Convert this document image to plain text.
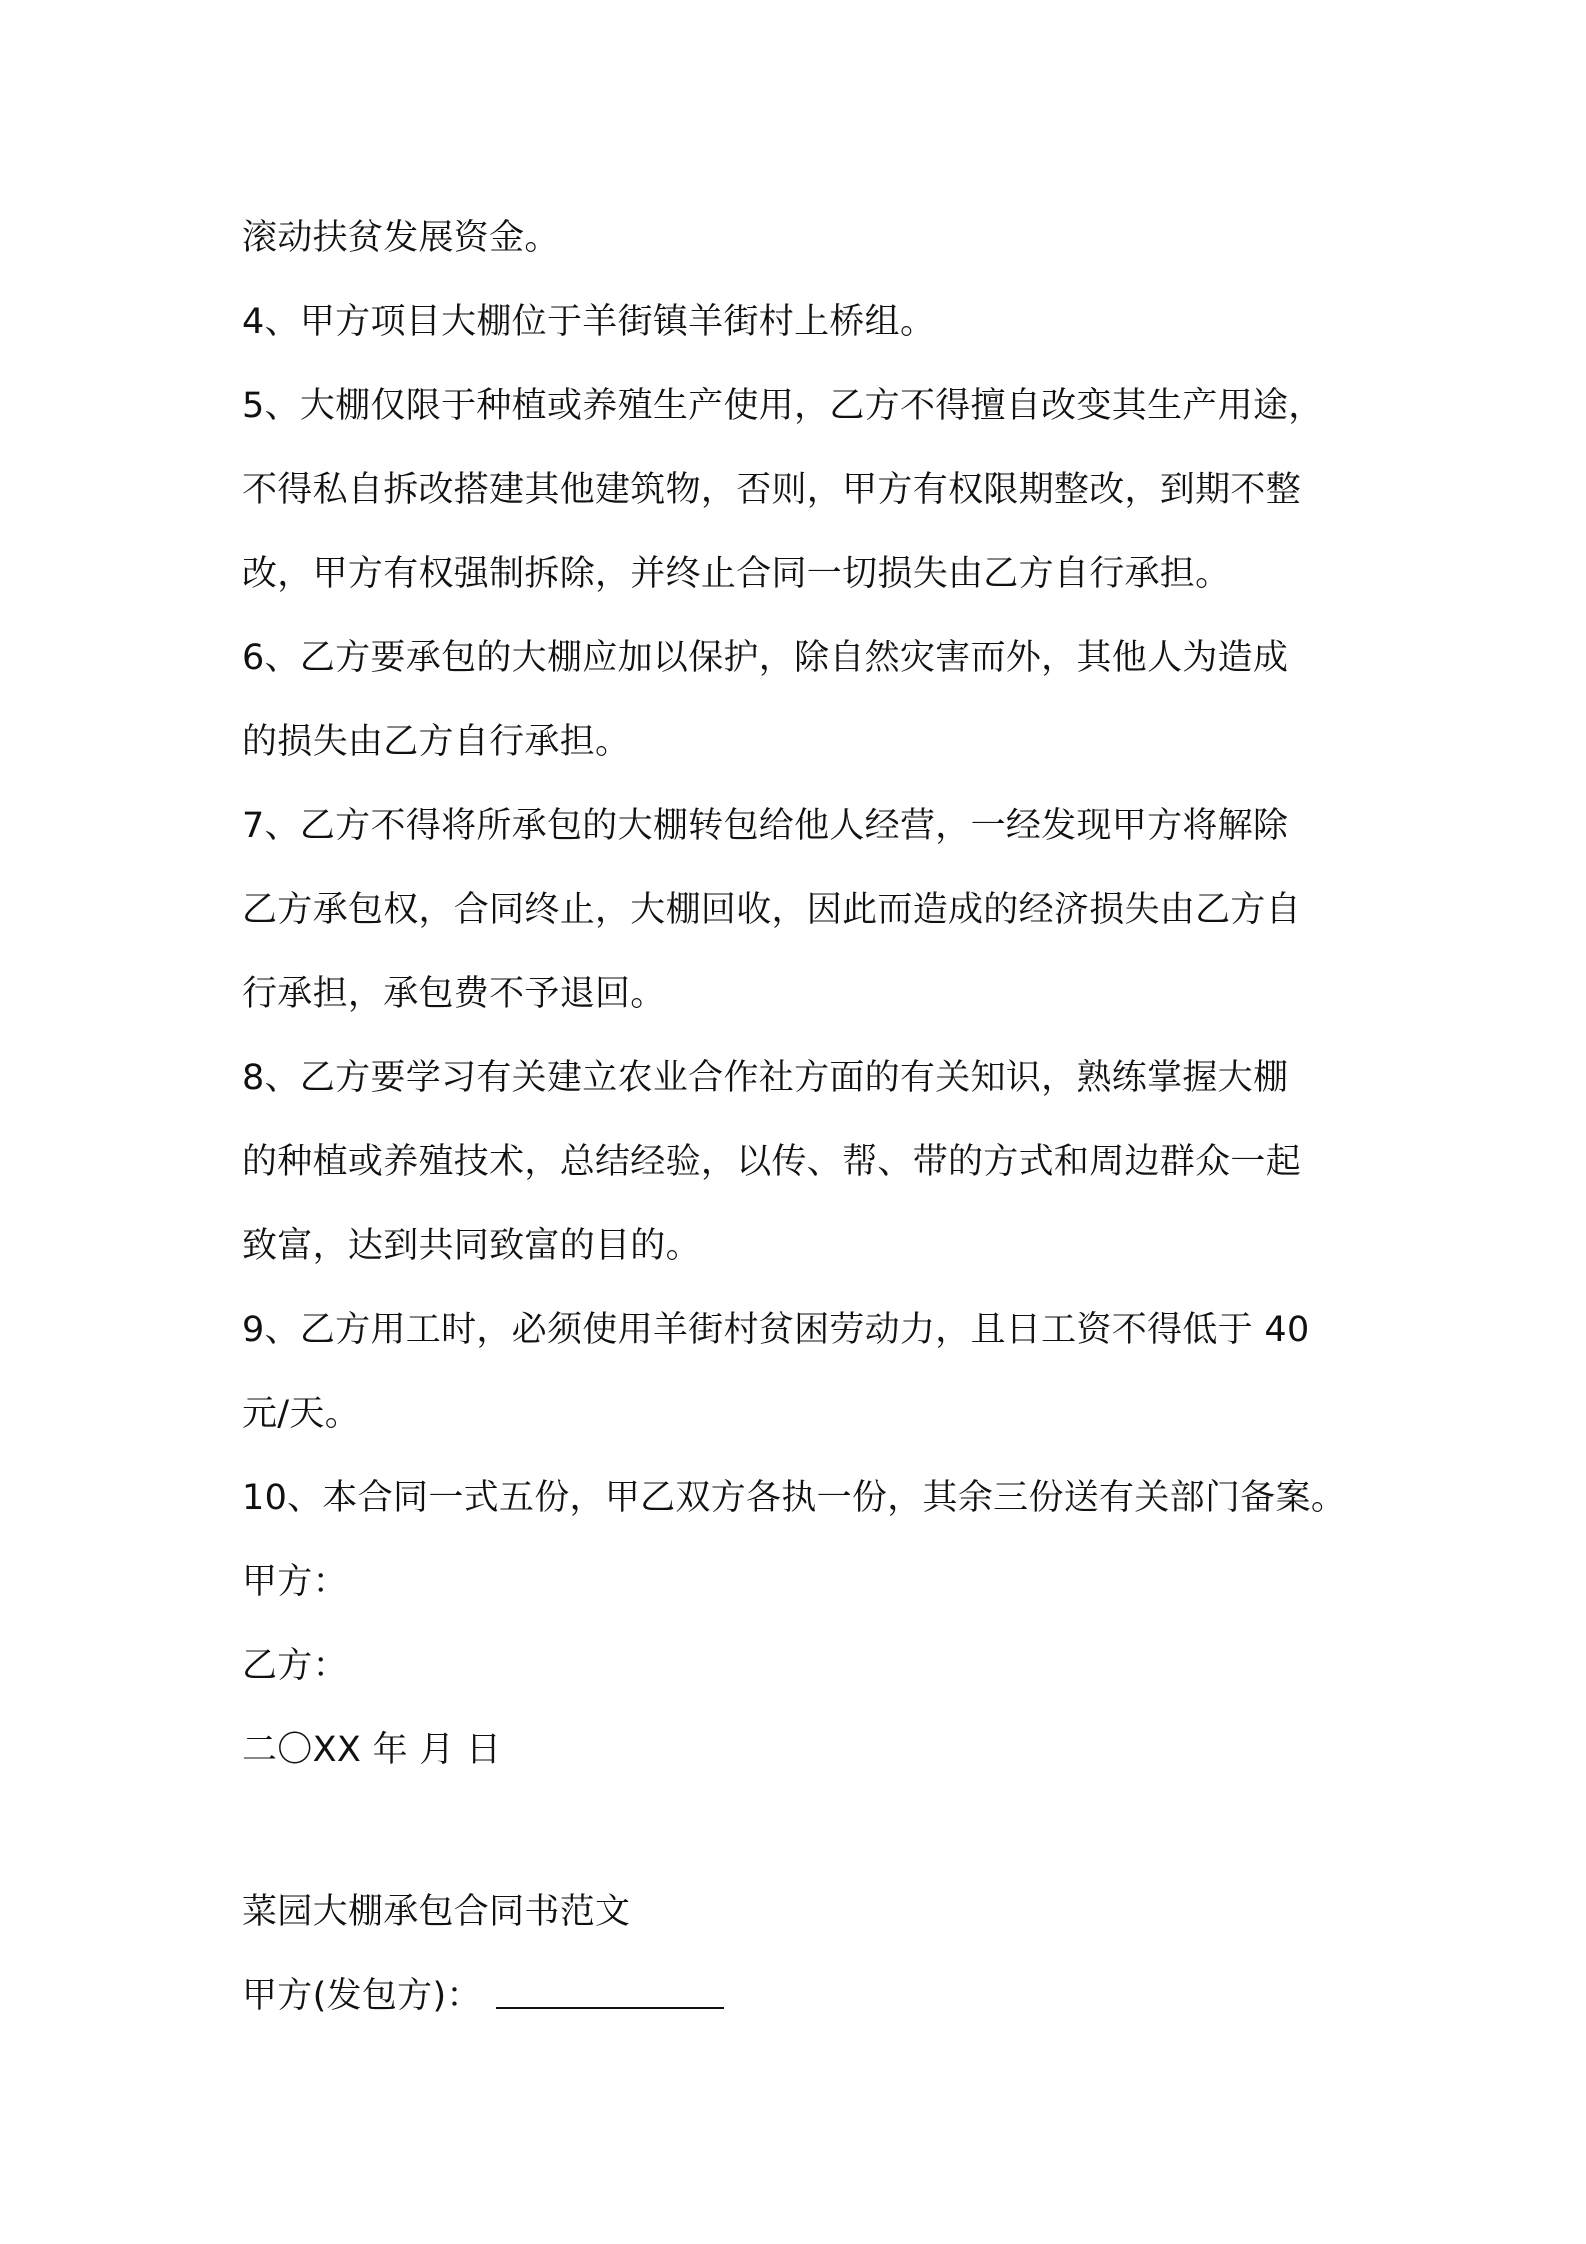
滚动扶贫发展资金。
4、甲方项目大棚位于羊街镇羊街村上桥组。
5、大棚仅限于种植或养殖生产使用，乙方不得擅自改变其生产用途，
不得私自拆改搭建其他建筑物，否则，甲方有权限期整改，到期不整
改，甲方有权强制拆除，并终止合同一切损失由乙方自行承担。
6、乙方要承包的大棚应加以保护，除自然灾害而外，其他人为造成
的损失由乙方自行承担。
7、乙方不得将所承包的大棚转包给他人经营，一经发现甲方将解除
乙方承包权，合同终止，大棚回收，因此而造成的经济损失由乙方自
行承担，承包费不予退回。
8、乙方要学习有关建立农业合作社方面的有关知识，熟练掌握大棚
的种植或养殖技术，总结经验，以传、帮、带的方式和周边群众一起
致富，达到共同致富的目的。
9、乙方用工时，必须使用羊街村贫困劳动力，且日工资不得低于 40
元/天。
10、本合同一式五份，甲乙双方各执一份，其余三份送有关部门备案。
甲方：
乙方：
二〇XX 年 月 日
菜园大棚承包合同书范文
甲方(发包方)：
